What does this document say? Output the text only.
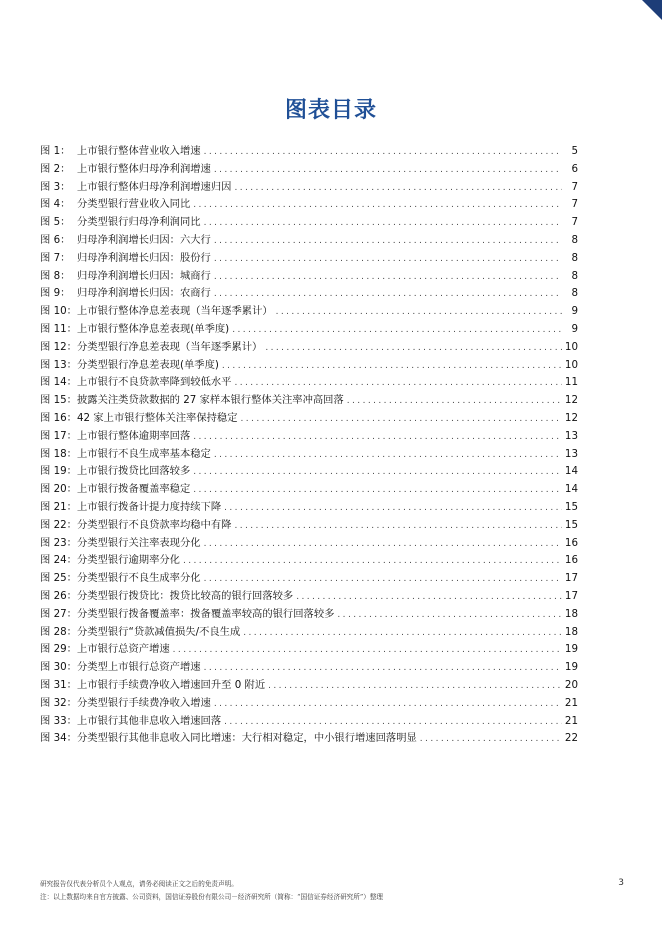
图表目录
图 1： 上市银行整体营业收入增速 .....	5
图 2： 上市银行整体归母净利润增速 .....	6
图 3： 上市银行整体归母净利润增速归因 .....	7
图 4： 分类型银行营业收入同比 .....	7
图 5： 分类型银行归母净利润同比 .....	7
图 6： 归母净利润增长归因：六大行 .....	8
图 7： 归母净利润增长归因：股份行 .....	8
图 8： 归母净利润增长归因：城商行 .....	8
图 9： 归母净利润增长归因：农商行 .....	8
图 10： 上市银行整体净息差表现（当年逐季累计） .....	9
图 11： 上市银行整体净息差表现(单季度) .....	9
图 12： 分类型银行净息差表现（当年逐季累计） .....	10
图 13： 分类型银行净息差表现(单季度) .....	10
图 14： 上市银行不良贷款率降到较低水平 .....	11
图 15： 披露关注类贷款数据的 27 家样本银行整体关注率冲高回落 .....	12
图 16： 42 家上市银行整体关注率保持稳定 .....	12
图 17： 上市银行整体逾期率回落 .....	13
图 18： 上市银行不良生成率基本稳定 .....	13
图 19： 上市银行拨贷比回落较多 .....	14
图 20： 上市银行拨备覆盖率稳定 .....	14
图 21： 上市银行拨备计提力度持续下降 .....	15
图 22： 分类型银行不良贷款率均稳中有降 .....	15
图 23： 分类型银行关注率表现分化 .....	16
图 24： 分类型银行逾期率分化 .....	16
图 25： 分类型银行不良生成率分化 .....	17
图 26： 分类型银行拨贷比：拨贷比较高的银行回落较多 .....	17
图 27： 分类型银行拨备覆盖率：拨备覆盖率较高的银行回落较多 .....	18
图 28： 分类型银行“贷款减值损失/不良生成 .....	18
图 29： 上市银行总资产增速 .....	19
图 30： 分类型上市银行总资产增速 .....	19
图 31： 上市银行手续费净收入增速回升至 0 附近 .....	20
图 32： 分类型银行手续费净收入增速 .....	21
图 33： 上市银行其他非息收入增速回落 .....	21
图 34： 分类型银行其他非息收入同比增速：大行相对稳定，中小银行增速回落明显 .....	22
研究报告仅代表分析员个人观点，请务必阅读正文之后的免责声明。
注：以上数据均来自官方披露、公司资料，国信证券股份有限公司－经济研究所（简称：“国信证券经济研究所”）整理
3
